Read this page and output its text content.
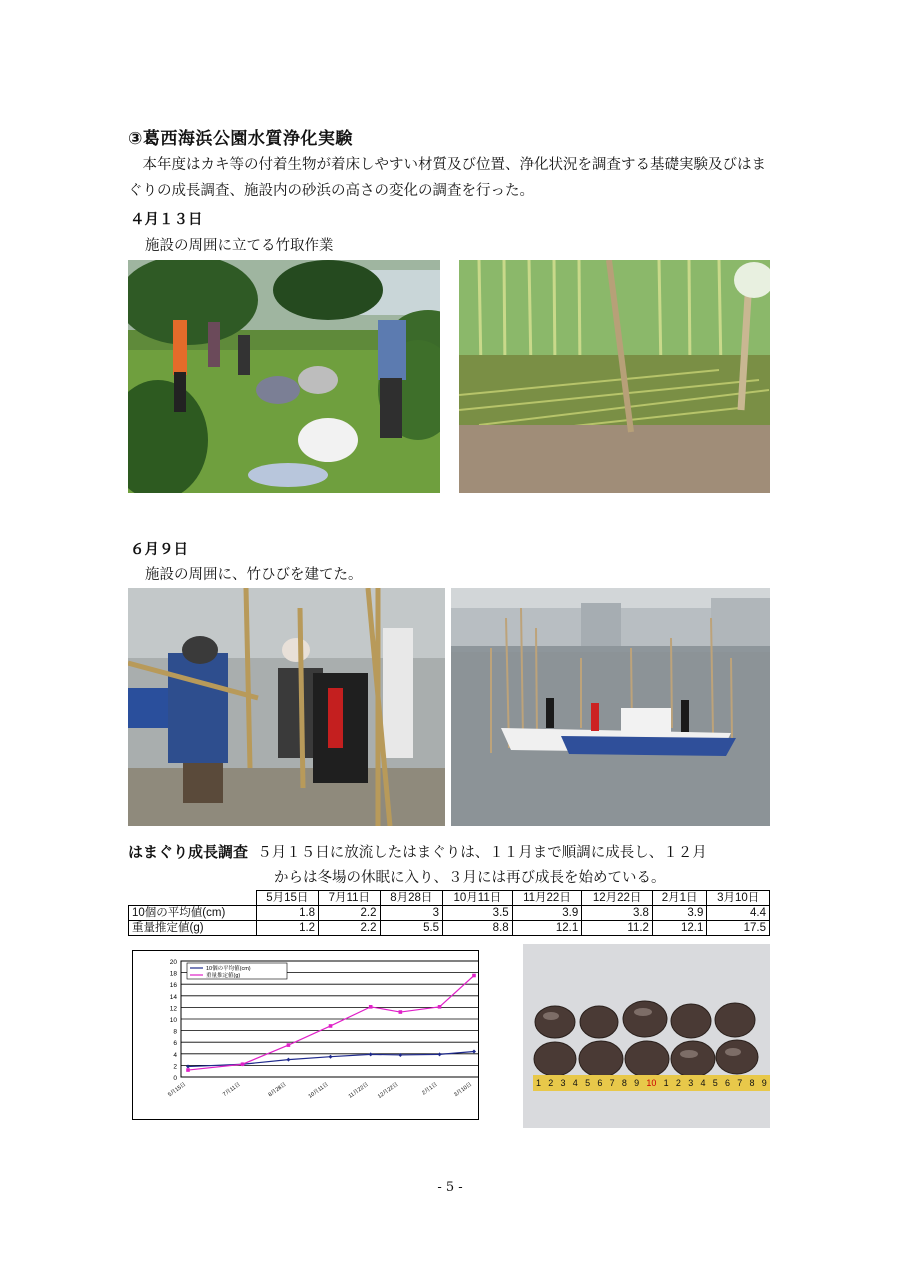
③葛西海浜公園水質浄化実験
本年度はカキ等の付着生物が着床しやすい材質及び位置、浄化状況を調査する基礎実験及びはまぐりの成長調査、施設内の砂浜の高さの変化の調査を行った。
４月１３日
施設の周囲に立てる竹取作業
６月９日
施設の周囲に、竹ひびを建てた。
はまぐり成長調査 ５月１５日に放流したはまぐりは、１１月まで順調に成長し、１２月
からは冬場の休眠に入り、３月には再び成長を始めている。
	5月15日	7月11日	8月28日	10月11日	11月22日	12月22日	2月1日	3月10日
10個の平均値(cm)	1.8	2.2	3	3.5	3.9	3.8	3.9	4.4
重量推定値(g)	1.2	2.2	5.5	8.8	12.1	11.2	12.1	17.5
0
2
4
6
8
10
12
14
16
18
20
5月15日	7月11日	8月28日	10月11日	11月22日 12月22日	2月1日	3月10日
10個の平均値(cm)
重量推定値(g)
1 2 3 4 5 6 7 8 9 10 1 2 3 4 5 6 7 8 9
- 5 -
